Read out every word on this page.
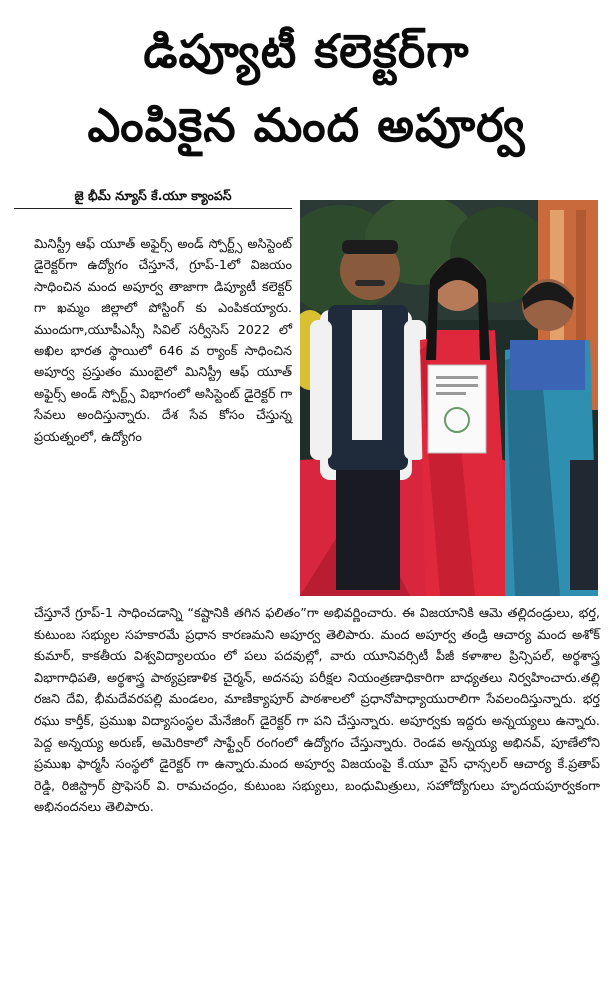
డిప్యూటీ కలెక్టర్‌గా
ఎంపికైన మంద అపూర్వ
జై భీమ్ న్యూస్ కే.యూ క్యాంపస్

మినిస్ట్రీ ఆఫ్ యూత్ అఫైర్స్ అండ్ స్పోర్ట్స్ అసిస్టెంట్ డైరెక్టర్‌గా ఉద్యోగం చేస్తూనే, గ్రూప్-1లో విజయం సాధించిన మంద అపూర్వ తాజాగా డిప్యూటీ కలెక్టర్ గా ఖమ్మం జిల్లాలో పోస్టింగ్ కు ఎంపికయ్యారు. ముందుగా,యూపీఎస్సీ సివిల్ సర్వీసెస్ 2022 లో అఖిల భారత స్థాయిలో 646 వ ర్యాంక్ సాధించిన అపూర్వ ప్రస్తుతం ముంబైలో మినిస్ట్రీ ఆఫ్ యూత్ అఫైర్స్ అండ్ స్పోర్ట్స్ విభాగంలో అసిస్టెంట్ డైరెక్టర్ గా సేవలు అందిస్తున్నారు. దేశ సేవ కోసం చేస్తున్న ప్రయత్నంలో, ఉద్యోగం

చేస్తూనే గ్రూప్-1 సాధించడాన్ని “కష్టానికి తగిన ఫలితం”గా అభివర్ణించారు. ఈ విజయానికి ఆమె తల్లిదండ్రులు, భర్త, కుటుంబ సభ్యుల సహకారమే ప్రధాన కారణమని అపూర్వ తెలిపారు. మంద అపూర్వ తండ్రి ఆచార్య మంద అశోక్ కుమార్, కాకతీయ విశ్వవిద్యాలయం లో పలు పదవుల్లో, వారు యూనివర్సిటీ పీజీ కళాశాల ప్రిన్సిపల్, అర్థశాస్త్ర విభాగాధిపతి, అర్థశాస్త్ర పాఠ్యప్రణాళిక చైర్మన్, అదనపు పరీక్షల నియంత్రణాధికారిగా బాధ్యతలు నిర్వహించారు.తల్లి రజని దేవి, భీమదేవరపల్లి మండలం, మాణిక్యాపూర్ పాఠశాలలో ప్రధానోపాధ్యాయురాలిగా సేవలందిస్తున్నారు. భర్త రఘు కార్తీక్, ప్రముఖ విద్యాసంస్థల మేనేజింగ్ డైరెక్టర్ గా పని చేస్తున్నారు. అపూర్వకు ఇద్దరు అన్నయ్యలు ఉన్నారు. పెద్ద అన్నయ్య అరుణ్, అమెరికాలో సాఫ్ట్వేర్ రంగంలో ఉద్యోగం చేస్తున్నారు. రెండవ అన్నయ్య అభినవ్, పూణేలోని ప్రముఖ ఫార్మసీ సంస్థలో డైరెక్టర్ గా ఉన్నారు.మంద అపూర్వ విజయంపై కే.యూ వైస్ ఛాన్సలర్ ఆచార్య కే.ప్రతాప్ రెడ్డి, రిజిస్ట్రార్ ప్రొఫెసర్ వి. రామచంద్రం, కుటుంబ సభ్యులు, బంధుమిత్రులు, సహోద్యోగులు హృదయపూర్వకంగా అభినందనలు తెలిపారు.
